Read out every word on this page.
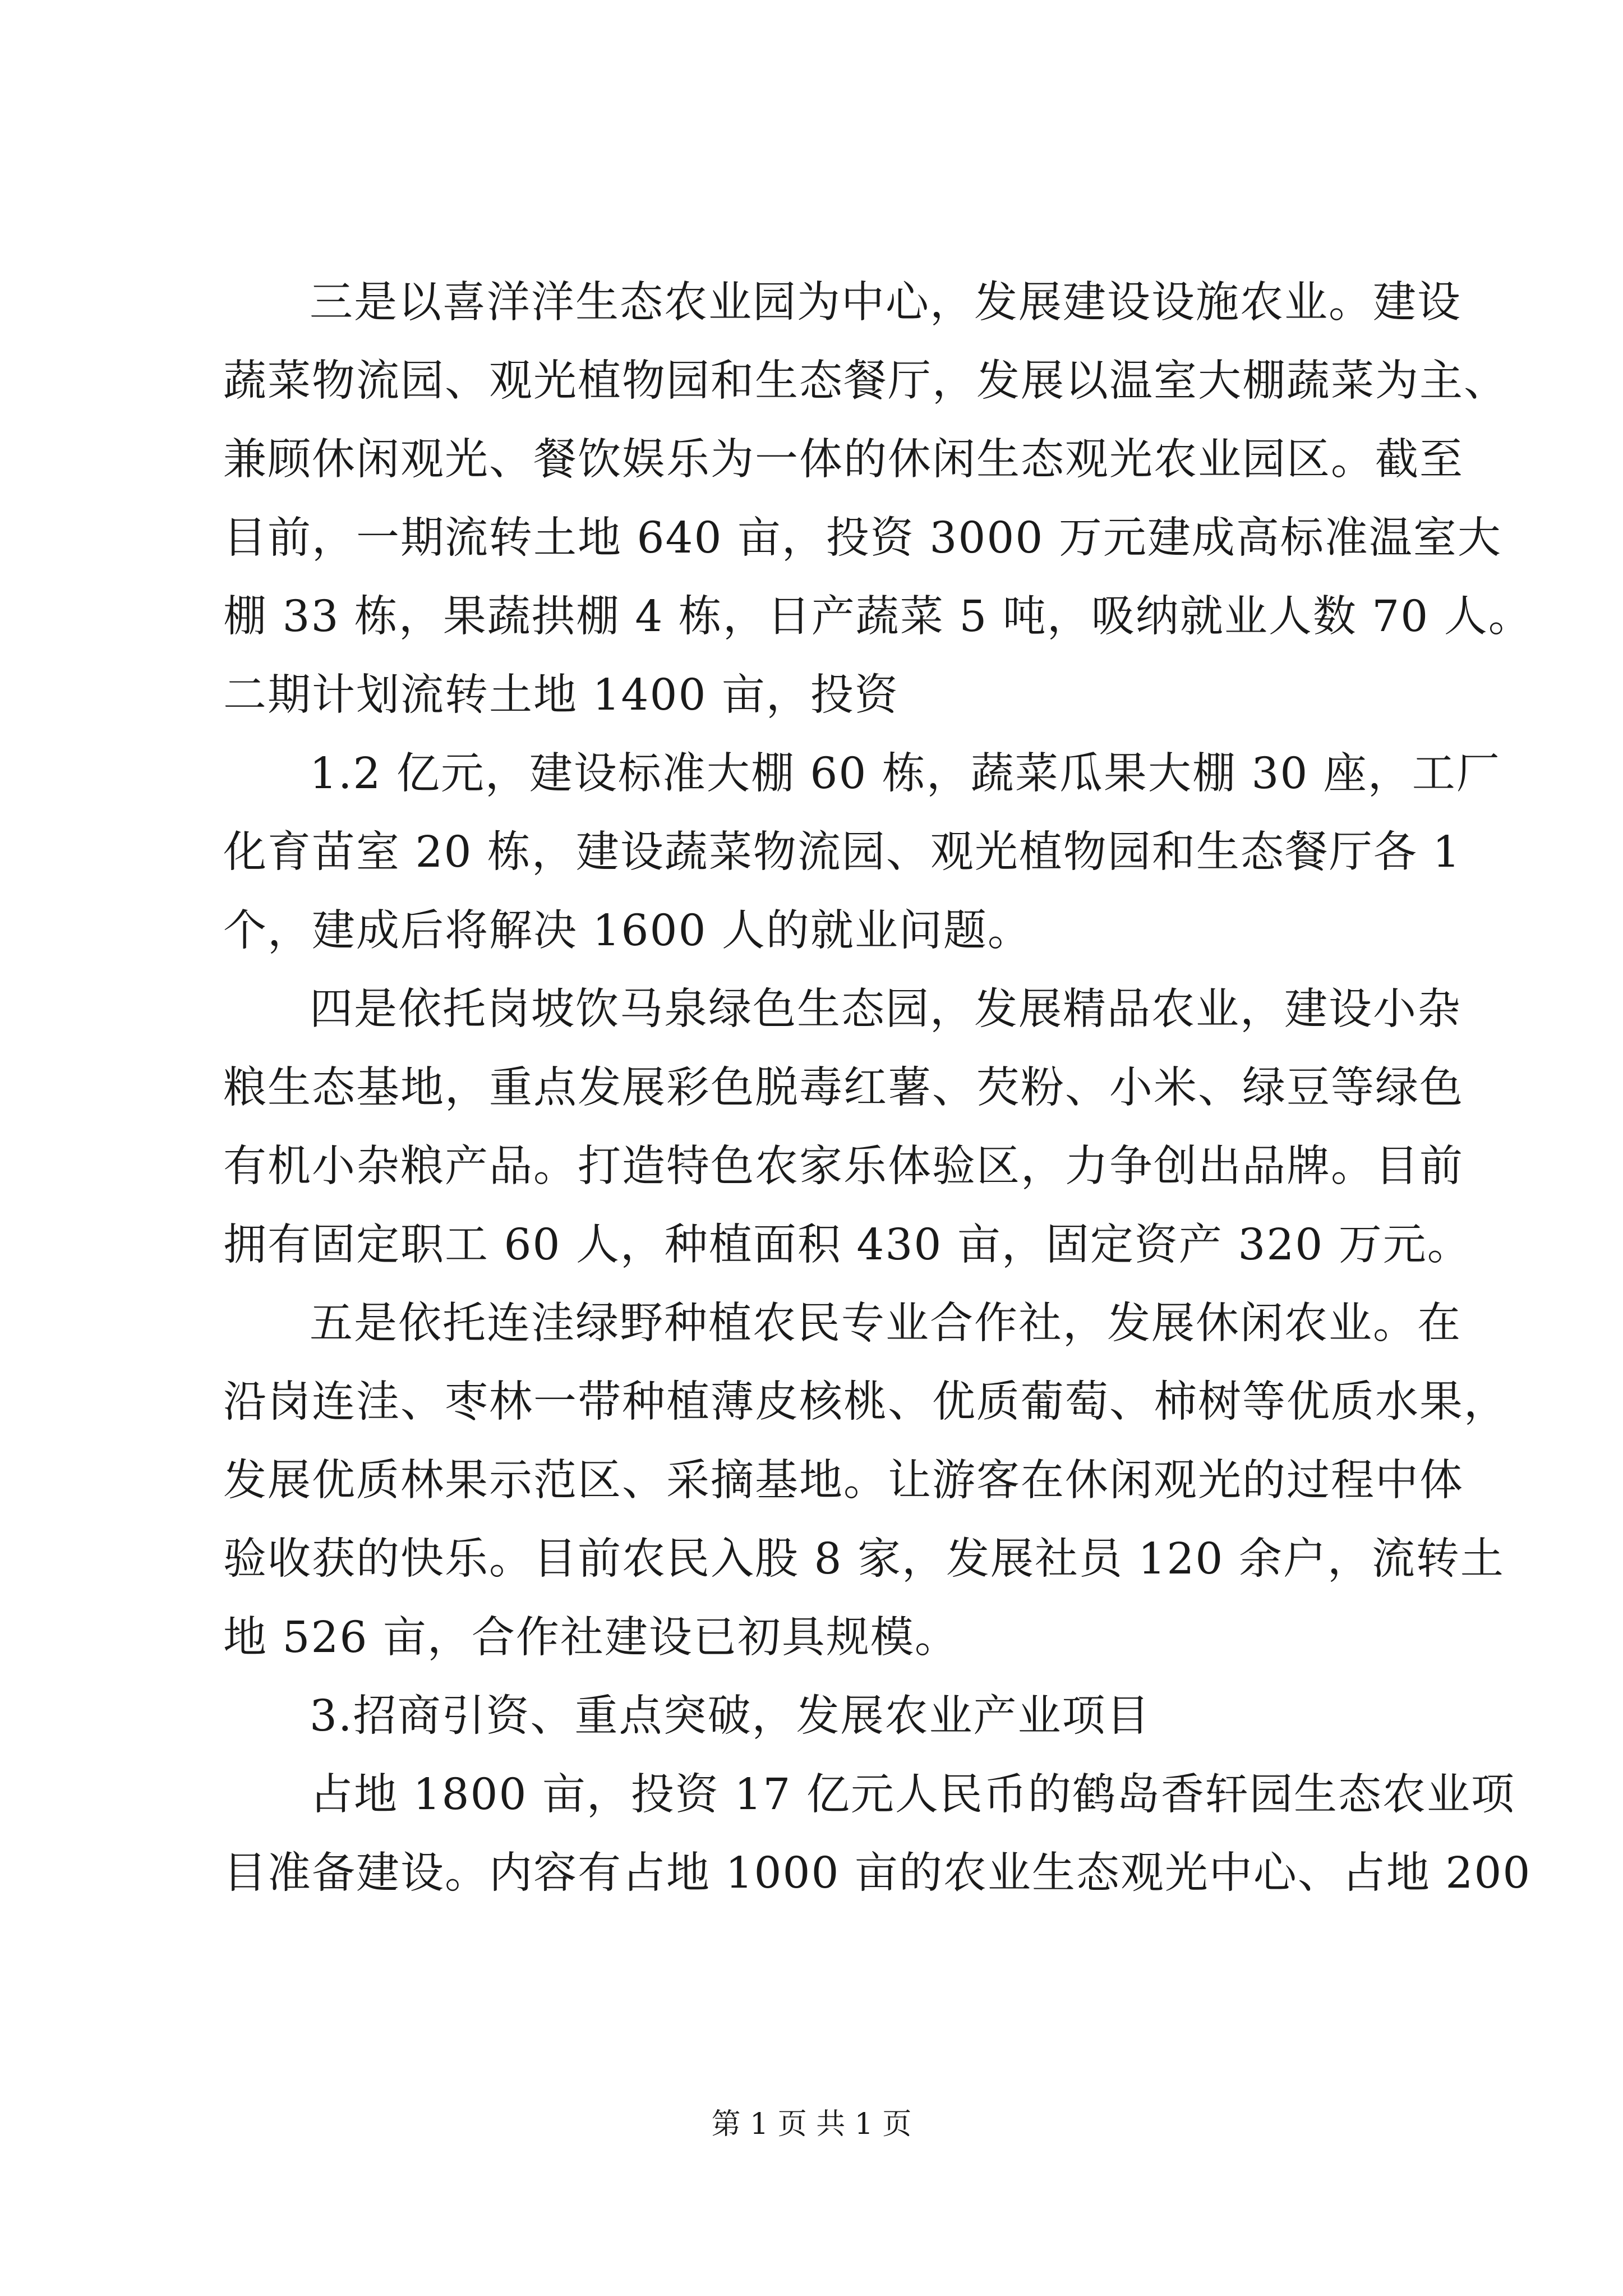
三是以喜洋洋生态农业园为中心，发展建设设施农业。建设
蔬菜物流园、观光植物园和生态餐厅，发展以温室大棚蔬菜为主、
兼顾休闲观光、餐饮娱乐为一体的休闲生态观光农业园区。截至
目前，一期流转土地 640 亩，投资 3000 万元建成高标准温室大
棚 33 栋，果蔬拱棚 4 栋，日产蔬菜 5 吨，吸纳就业人数 70 人。
二期计划流转土地 1400 亩，投资
1.2 亿元，建设标准大棚 60 栋，蔬菜瓜果大棚 30 座，工厂
化育苗室 20 栋，建设蔬菜物流园、观光植物园和生态餐厅各 1
个，建成后将解决 1600 人的就业问题。
四是依托岗坡饮马泉绿色生态园，发展精品农业，建设小杂
粮生态基地，重点发展彩色脱毒红薯、芡粉、小米、绿豆等绿色
有机小杂粮产品。打造特色农家乐体验区，力争创出品牌。目前
拥有固定职工 60 人，种植面积 430 亩，固定资产 320 万元。
五是依托连洼绿野种植农民专业合作社，发展休闲农业。在
沿岗连洼、枣林一带种植薄皮核桃、优质葡萄、柿树等优质水果，
发展优质林果示范区、采摘基地。让游客在休闲观光的过程中体
验收获的快乐。目前农民入股 8 家，发展社员 120 余户，流转土
地 526 亩，合作社建设已初具规模。
3.招商引资、重点突破，发展农业产业项目
占地 1800 亩，投资 17 亿元人民币的鹤岛香轩园生态农业项
目准备建设。内容有占地 1000 亩的农业生态观光中心、占地 200
第 1 页 共 1 页
